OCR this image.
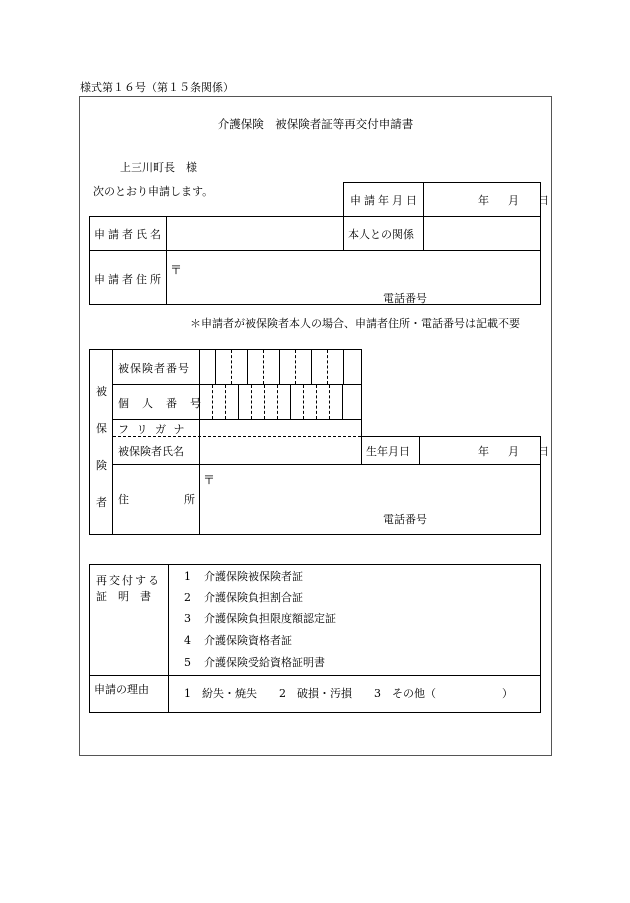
様式第１６号（第１５条関係）
介護保険　被保険者証等再交付申請書
上三川町長　様
次のとおり申請します。
申請年月日	年　月　日
申請者氏名	本人との関係
申請者住所
〒
電話番号
＊申請者が被保険者本人の場合、申請者住所・電話番号は記載不要
被
保
険
者
被保険者番号
個　人　番　号
フ リ ガ ナ
被保険者氏名	生年月日	年　月　日
住	所
〒
電話番号
再交付する
証　明　書
1 介護保険被保険者証
2 介護保険負担割合証
3 介護保険負担限度額認定証
4 介護保険資格者証
5 介護保険受給資格証明書
申請の理由	1　紛失・焼失　　2　破損・汚損　　3　その他（　　　　　　）
